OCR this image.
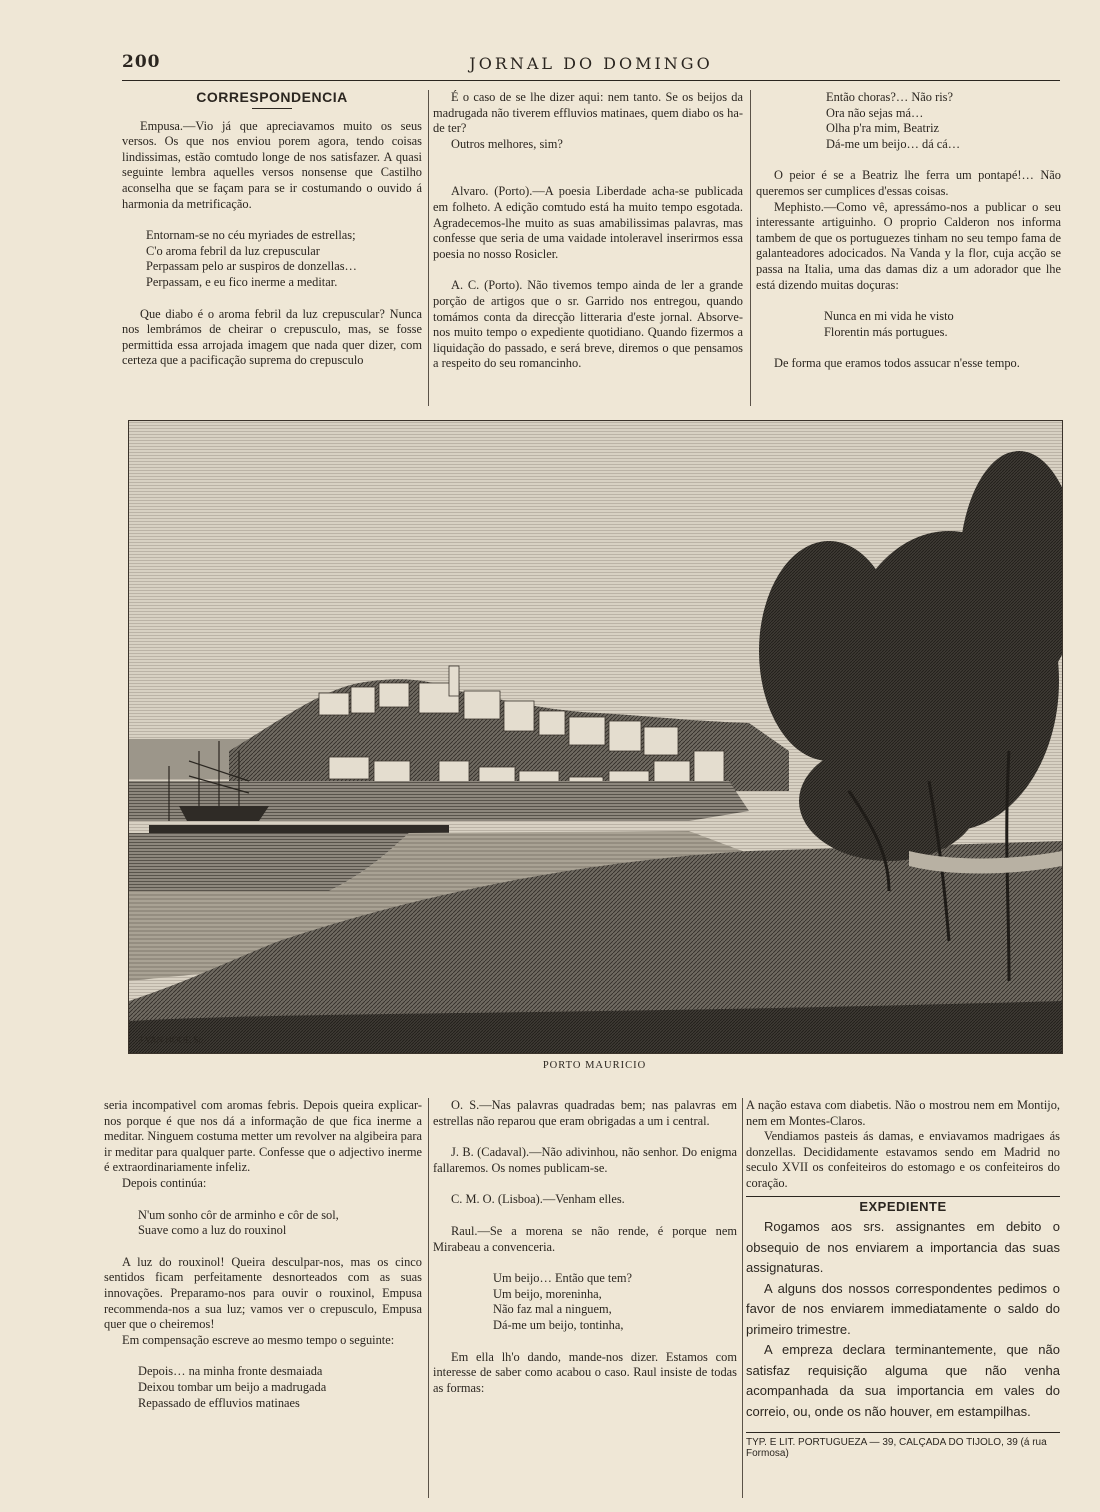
200	JORNAL DO DOMINGO

CORRESPONDENCIA

Empusa.—Vio já que apreciavamos muito os seus versos. Os que nos enviou porem agora, tendo coisas lindissimas, estão comtudo longe de nos satisfazer. A quasi seguinte lembra aquelles versos nonsense que Castilho aconselha que se façam para se ir costumando o ouvido á harmonia da metrificação.

Entornam-se no céu myriades de estrellas;

C'o aroma febril da luz crepuscular

Perpassam pelo ar suspiros de donzellas…

Perpassam, e eu fico inerme a meditar.

Que diabo é o aroma febril da luz crepuscular? Nunca nos lembrámos de cheirar o crepusculo, mas, se fosse permittida essa arrojada imagem que nada quer dizer, com certeza que a pacificação suprema do crepusculo

É o caso de se lhe dizer aqui: nem tanto. Se os beijos da madrugada não tiverem effluvios matinaes, quem diabo os ha-de ter?

Outros melhores, sim?

Alvaro. (Porto).—A poesia Liberdade acha-se publicada em folheto. A edição comtudo está ha muito tempo esgotada. Agradecemos-lhe muito as suas amabilissimas palavras, mas confesse que seria de uma vaidade intoleravel inserirmos essa poesia no nosso Rosicler.

A. C. (Porto). Não tivemos tempo ainda de ler a grande porção de artigos que o sr. Garrido nos entregou, quando tomámos conta da direcção litteraria d'este jornal. Absorve-nos muito tempo o expediente quotidiano. Quando fizermos a liquidação do passado, e será breve, diremos o que pensamos a respeito do seu romancinho.

Então choras?… Não ris?

Ora não sejas má…

Olha p'ra mim, Beatriz

Dá-me um beijo… dá cá…

O peior é se a Beatriz lhe ferra um pontapé!… Não queremos ser cumplices d'essas coisas.

Mephisto.—Como vê, apressámo-nos a publicar o seu interessante artiguinho. O proprio Calderon nos informa tambem de que os portuguezes tinham no seu tempo fama de galanteadores adocicados. Na Vanda y la flor, cuja acção se passa na Italia, uma das damas diz a um adorador que lhe está dizendo muitas doçuras:

Nunca en mi vida he visto

Florentin más portugues.

De forma que eramos todos assucar n'esse tempo.

J.VAN HOOF. Sc.
PORTO MAURICIO

seria incompativel com aromas febris. Depois queira explicar-nos porque é que nos dá a informação de que fica inerme a meditar. Ninguem costuma metter um revolver na algibeira para ir meditar para qualquer parte. Confesse que o adjectivo inerme é extraordinariamente infeliz.

Depois continúa:

N'um sonho côr de arminho e côr de sol,

Suave como a luz do rouxinol

A luz do rouxinol! Queira desculpar-nos, mas os cinco sentidos ficam perfeitamente desnorteados com as suas innovações. Preparamo-nos para ouvir o rouxinol, Empusa recommenda-nos a sua luz; vamos ver o crepusculo, Empusa quer que o cheiremos!

Em compensação escreve ao mesmo tempo o seguinte:

Depois… na minha fronte desmaiada

Deixou tombar um beijo a madrugada

Repassado de effluvios matinaes

O. S.—Nas palavras quadradas bem; nas palavras em estrellas não reparou que eram obrigadas a um i central.

J. B. (Cadaval).—Não adivinhou, não senhor. Do enigma fallaremos. Os nomes publicam-se.

C. M. O. (Lisboa).—Venham elles.

Raul.—Se a morena se não rende, é porque nem Mirabeau a convenceria.

Um beijo… Então que tem?

Um beijo, moreninha,

Não faz mal a ninguem,

Dá-me um beijo, tontinha,

Em ella lh'o dando, mande-nos dizer. Estamos com interesse de saber como acabou o caso. Raul insiste de todas as formas:

A nação estava com diabetis. Não o mostrou nem em Montijo, nem em Montes-Claros.

Vendiamos pasteis ás damas, e enviavamos madrigaes ás donzellas. Decididamente estavamos sendo em Madrid no seculo XVII os confeiteiros do estomago e os confeiteiros do coração.

EXPEDIENTE

Rogamos aos srs. assignantes em debito o obsequio de nos enviarem a importancia das suas assignaturas.

A alguns dos nossos correspondentes pedimos o favor de nos enviarem immediatamente o saldo do primeiro trimestre.

A empreza declara terminantemente, que não satisfaz requisição alguma que não venha acompanhada da sua importancia em vales do correio, ou, onde os não houver, em estampilhas.

TYP. E LIT. PORTUGUEZA — 39, CALÇADA DO TIJOLO, 39 (á rua Formosa)
